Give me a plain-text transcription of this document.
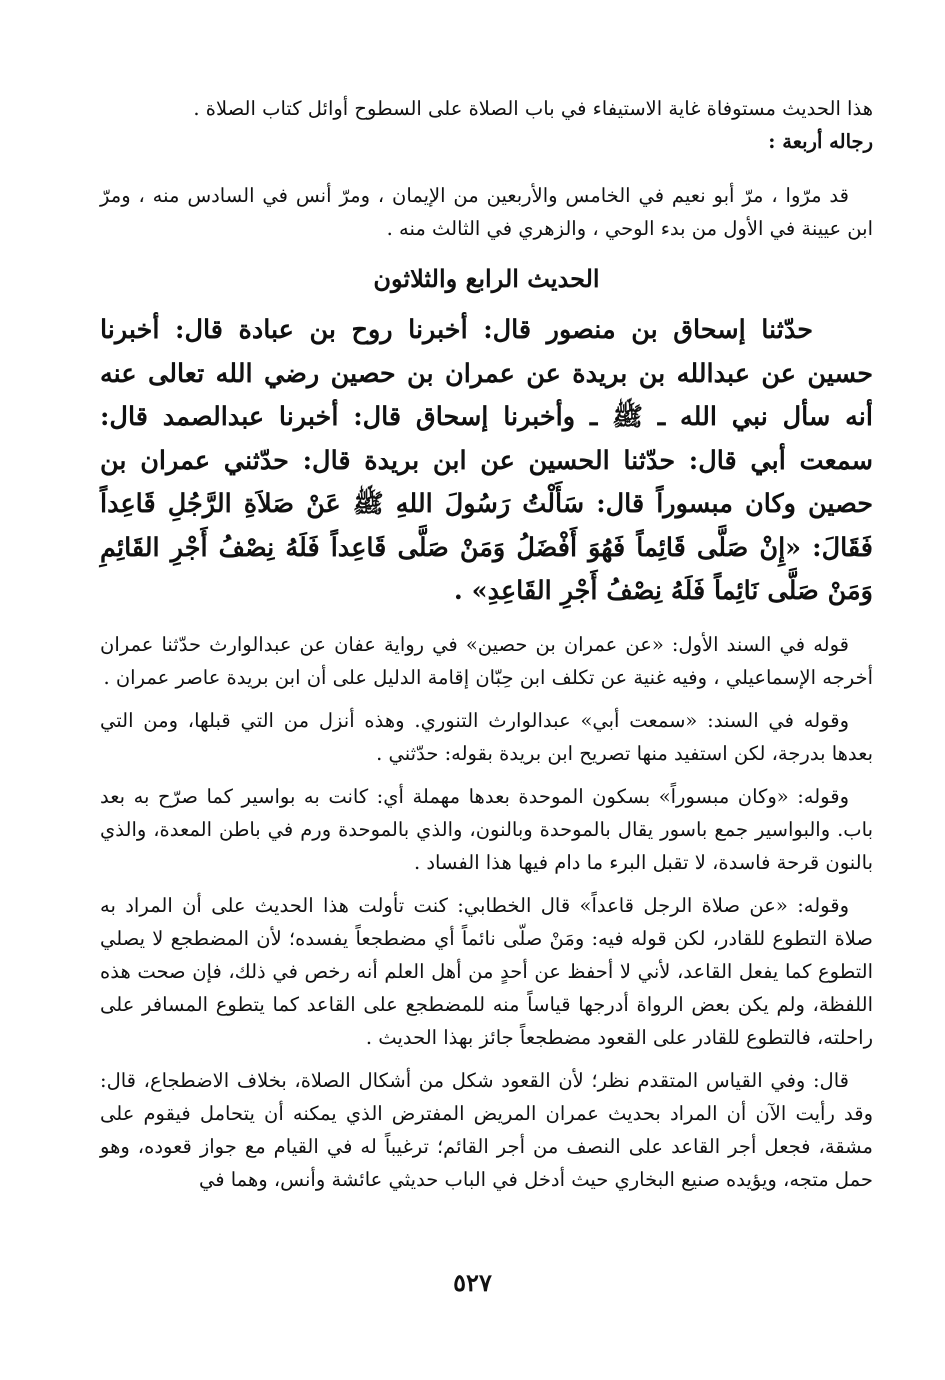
هذا الحديث مستوفاة غاية الاستيفاء في باب الصلاة على السطوح أوائل كتاب الصلاة .

رجاله أربعة :

قد مرّوا ، مرّ أبو نعيم في الخامس والأربعين من الإيمان ، ومرّ أنس في السادس منه ، ومرّ ابن عيينة في الأول من بدء الوحي ، والزهري في الثالث منه .

الحديث الرابع والثلاثون

حدّثنا إسحاق بن منصور قال: أخبرنا روح بن عبادة قال: أخبرنا حسين عن عبدالله بن بريدة عن عمران بن حصين رضي الله تعالى عنه أنه سأل نبي الله ـ ﷺ ـ وأخبرنا إسحاق قال: أخبرنا عبدالصمد قال: سمعت أبي قال: حدّثنا الحسين عن ابن بريدة قال: حدّثني عمران بن حصين وكان مبسوراً قال: سَأَلْتُ رَسُولَ اللهِ ﷺ عَنْ صَلاَةِ الرَّجُلِ قَاعِداً فَقَالَ: «إِنْ صَلَّى قَائِماً فَهُوَ أَفْضَلُ وَمَنْ صَلَّى قَاعِداً فَلَهُ نِصْفُ أَجْرِ القَائِمِ وَمَنْ صَلَّى نَائِماً فَلَهُ نِصْفُ أَجْرِ القَاعِدِ» .

قوله في السند الأول: «عن عمران بن حصين» في رواية عفان عن عبدالوارث حدّثنا عمران أخرجه الإسماعيلي ، وفيه غنية عن تكلف ابن حِبّان إقامة الدليل على أن ابن بريدة عاصر عمران .

وقوله في السند: «سمعت أبي» عبدالوارث التنوري. وهذه أنزل من التي قبلها، ومن التي بعدها بدرجة، لكن استفيد منها تصريح ابن بريدة بقوله: حدّثني .

وقوله: «وكان مبسوراً» بسكون الموحدة بعدها مهملة أي: كانت به بواسير كما صرّح به بعد باب. والبواسير جمع باسور يقال بالموحدة وبالنون، والذي بالموحدة ورم في باطن المعدة، والذي بالنون قرحة فاسدة، لا تقبل البرء ما دام فيها هذا الفساد .

وقوله: «عن صلاة الرجل قاعداً» قال الخطابي: كنت تأولت هذا الحديث على أن المراد به صلاة التطوع للقادر، لكن قوله فيه: ومَنْ صلّى نائماً أي مضطجعاً يفسده؛ لأن المضطجع لا يصلي التطوع كما يفعل القاعد، لأني لا أحفظ عن أحدٍ من أهل العلم أنه رخص في ذلك، فإن صحت هذه اللفظة، ولم يكن بعض الرواة أدرجها قياساً منه للمضطجع على القاعد كما يتطوع المسافر على راحلته، فالتطوع للقادر على القعود مضطجعاً جائز بهذا الحديث .

قال: وفي القياس المتقدم نظر؛ لأن القعود شكل من أشكال الصلاة، بخلاف الاضطجاع، قال: وقد رأيت الآن أن المراد بحديث عمران المريض المفترض الذي يمكنه أن يتحامل فيقوم على مشقة، فجعل أجر القاعد على النصف من أجر القائم؛ ترغيباً له في القيام مع جواز قعوده، وهو حمل متجه، ويؤيده صنيع البخاري حيث أدخل في الباب حديثي عائشة وأنس، وهما في

٥٢٧
